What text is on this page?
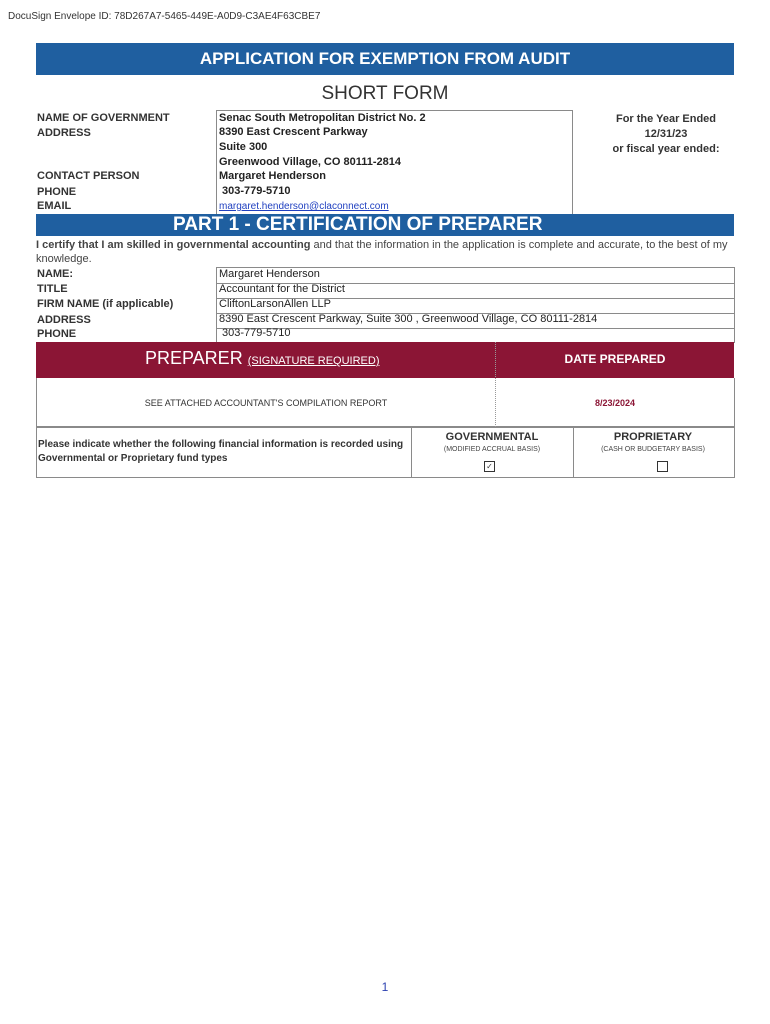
DocuSign Envelope ID: 78D267A7-5465-449E-A0D9-C3AE4F63CBE7
APPLICATION FOR EXEMPTION FROM AUDIT
SHORT FORM
NAME OF GOVERNMENT
ADDRESS
CONTACT PERSON
PHONE
EMAIL
Senac South Metropolitan District No. 2
8390 East Crescent Parkway
Suite 300
Greenwood Village, CO 80111-2814
Margaret Henderson
303-779-5710
margaret.henderson@claconnect.com
For the Year Ended
12/31/23
or fiscal year ended:
PART 1 - CERTIFICATION OF PREPARER
I certify that I am skilled in governmental accounting and that the information in the application is complete and accurate, to the best of my knowledge.
NAME:
TITLE
FIRM NAME (if applicable)
ADDRESS
PHONE
Margaret Henderson
Accountant for the District
CliftonLarsonAllen LLP
8390 East Crescent Parkway, Suite 300 , Greenwood Village, CO 80111-2814
303-779-5710
PREPARER (SIGNATURE REQUIRED)	DATE PREPARED
SEE ATTACHED ACCOUNTANT'S COMPILATION REPORT	8/23/2024
Please indicate whether the following financial information is recorded using Governmental or Proprietary fund types
GOVERNMENTAL
(MODIFIED ACCRUAL BASIS)
✓
PROPRIETARY
(CASH OR BUDGETARY BASIS)
1
